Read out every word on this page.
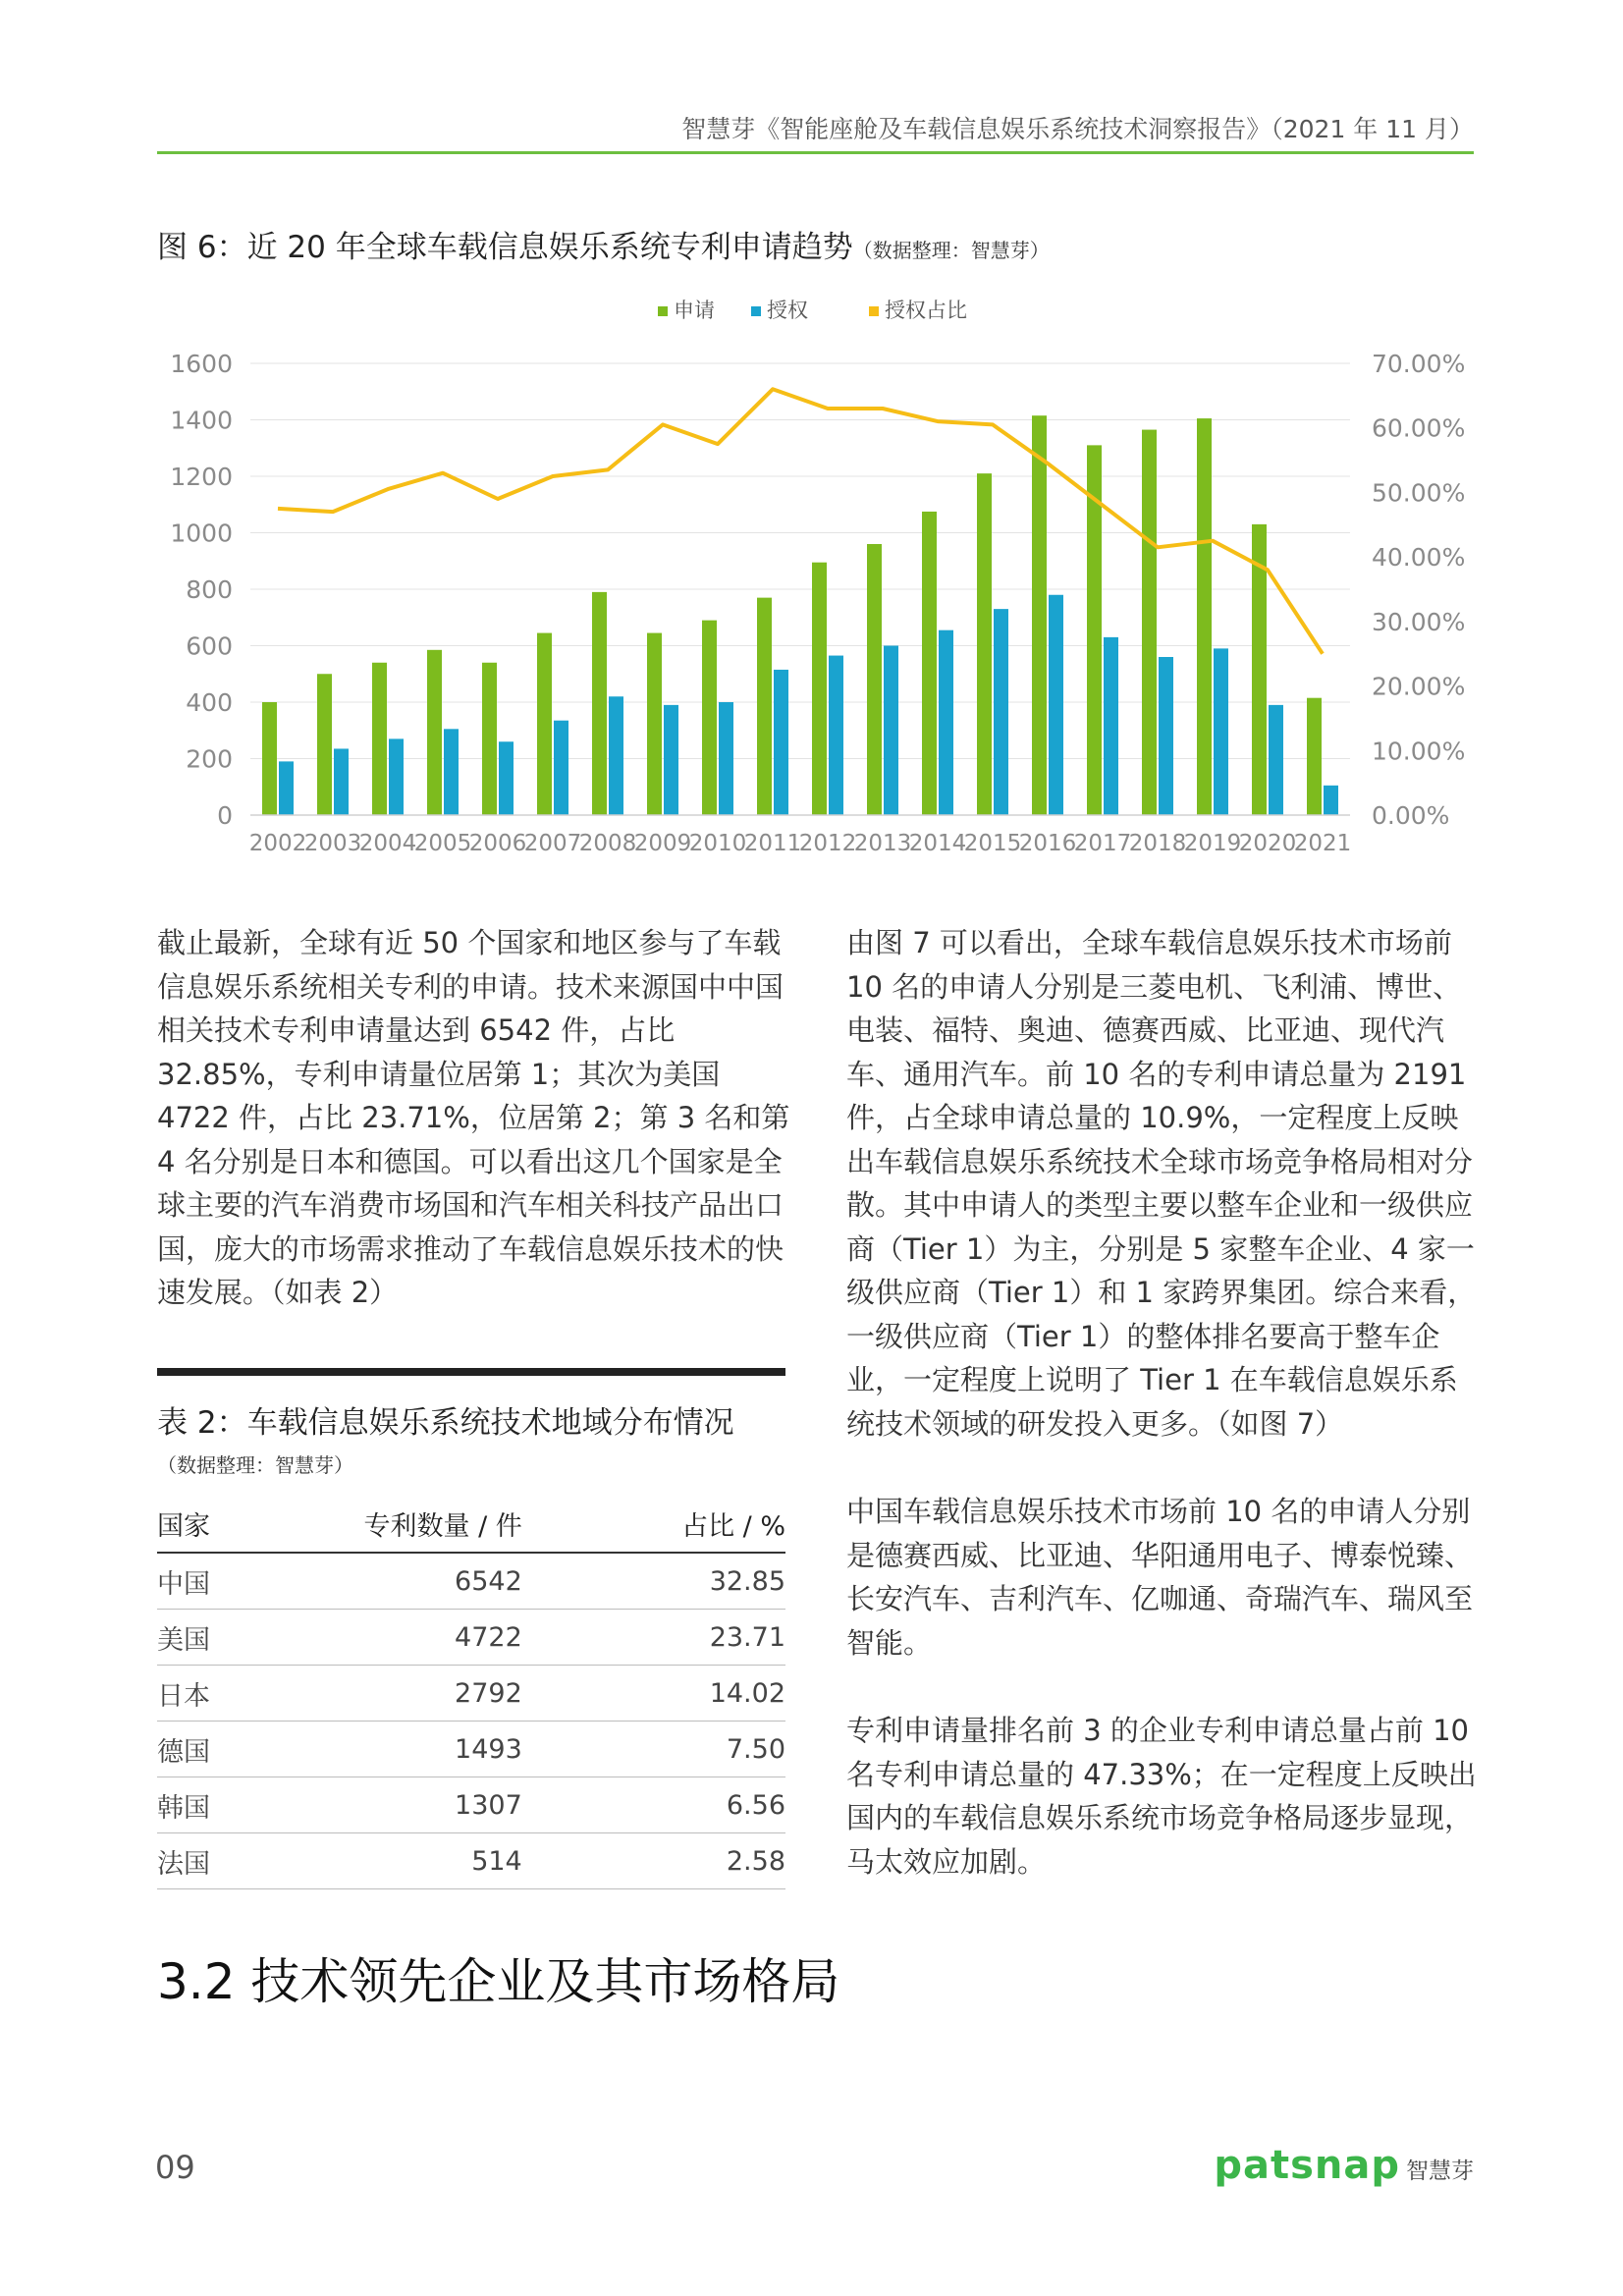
智慧芽《智能座舱及车载信息娱乐系统技术洞察报告》（2021 年 11 月）
图 6：近 20 年全球车载信息娱乐系统专利申请趋势（数据整理：智慧芽）
0
200
400
600
800
1000
1200
1400
1600
0.00%
10.00%
20.00%
30.00%
40.00%
50.00%
60.00%
70.00%
2002
2003
2004
2005
2006
2007
2008
2009
2010
2011
2012
2013
2014
2015
2016
2017
2018
2019
2020
2021
申请	授权	授权占比

截止最新，全球有近 50 个国家和地区参与了车载信息娱乐系统相关专利的申请。技术来源国中中国相关技术专利申请量达到 6542 件，占比 32.85%，专利申请量位居第 1；其次为美国 4722 件，占比 23.71%，位居第 2；第 3 名和第 4 名分别是日本和德国。可以看出这几个国家是全球主要的汽车消费市场国和汽车相关科技产品出口国，庞大的市场需求推动了车载信息娱乐技术的快速发展。（如表 2）

表 2：车载信息娱乐系统技术地域分布情况
（数据整理：智慧芽）
国家	专利数量 / 件	占比 / %
中国	6542	32.85
美国	4722	23.71
日本	2792	14.02
德国	1493	7.50
韩国	1307	6.56
法国	514	2.58

由图 7 可以看出，全球车载信息娱乐技术市场前 10 名的申请人分别是三菱电机、飞利浦、博世、电装、福特、奥迪、德赛西威、比亚迪、现代汽车、通用汽车。前 10 名的专利申请总量为 2191 件，占全球申请总量的 10.9%，一定程度上反映出车载信息娱乐系统技术全球市场竞争格局相对分散。其中申请人的类型主要以整车企业和一级供应商（Tier 1）为主，分别是 5 家整车企业、4 家一级供应商（Tier 1）和 1 家跨界集团。综合来看，一级供应商（Tier 1）的整体排名要高于整车企业，一定程度上说明了 Tier 1 在车载信息娱乐系统技术领域的研发投入更多。（如图 7）

中国车载信息娱乐技术市场前 10 名的申请人分别是德赛西威、比亚迪、华阳通用电子、博泰悦臻、长安汽车、吉利汽车、亿咖通、奇瑞汽车、瑞风至智能。

专利申请量排名前 3 的企业专利申请总量占前 10 名专利申请总量的 47.33%；在一定程度上反映出国内的车载信息娱乐系统市场竞争格局逐步显现，马太效应加剧。

3.2 技术领先企业及其市场格局
09	patsnap 智慧芽
